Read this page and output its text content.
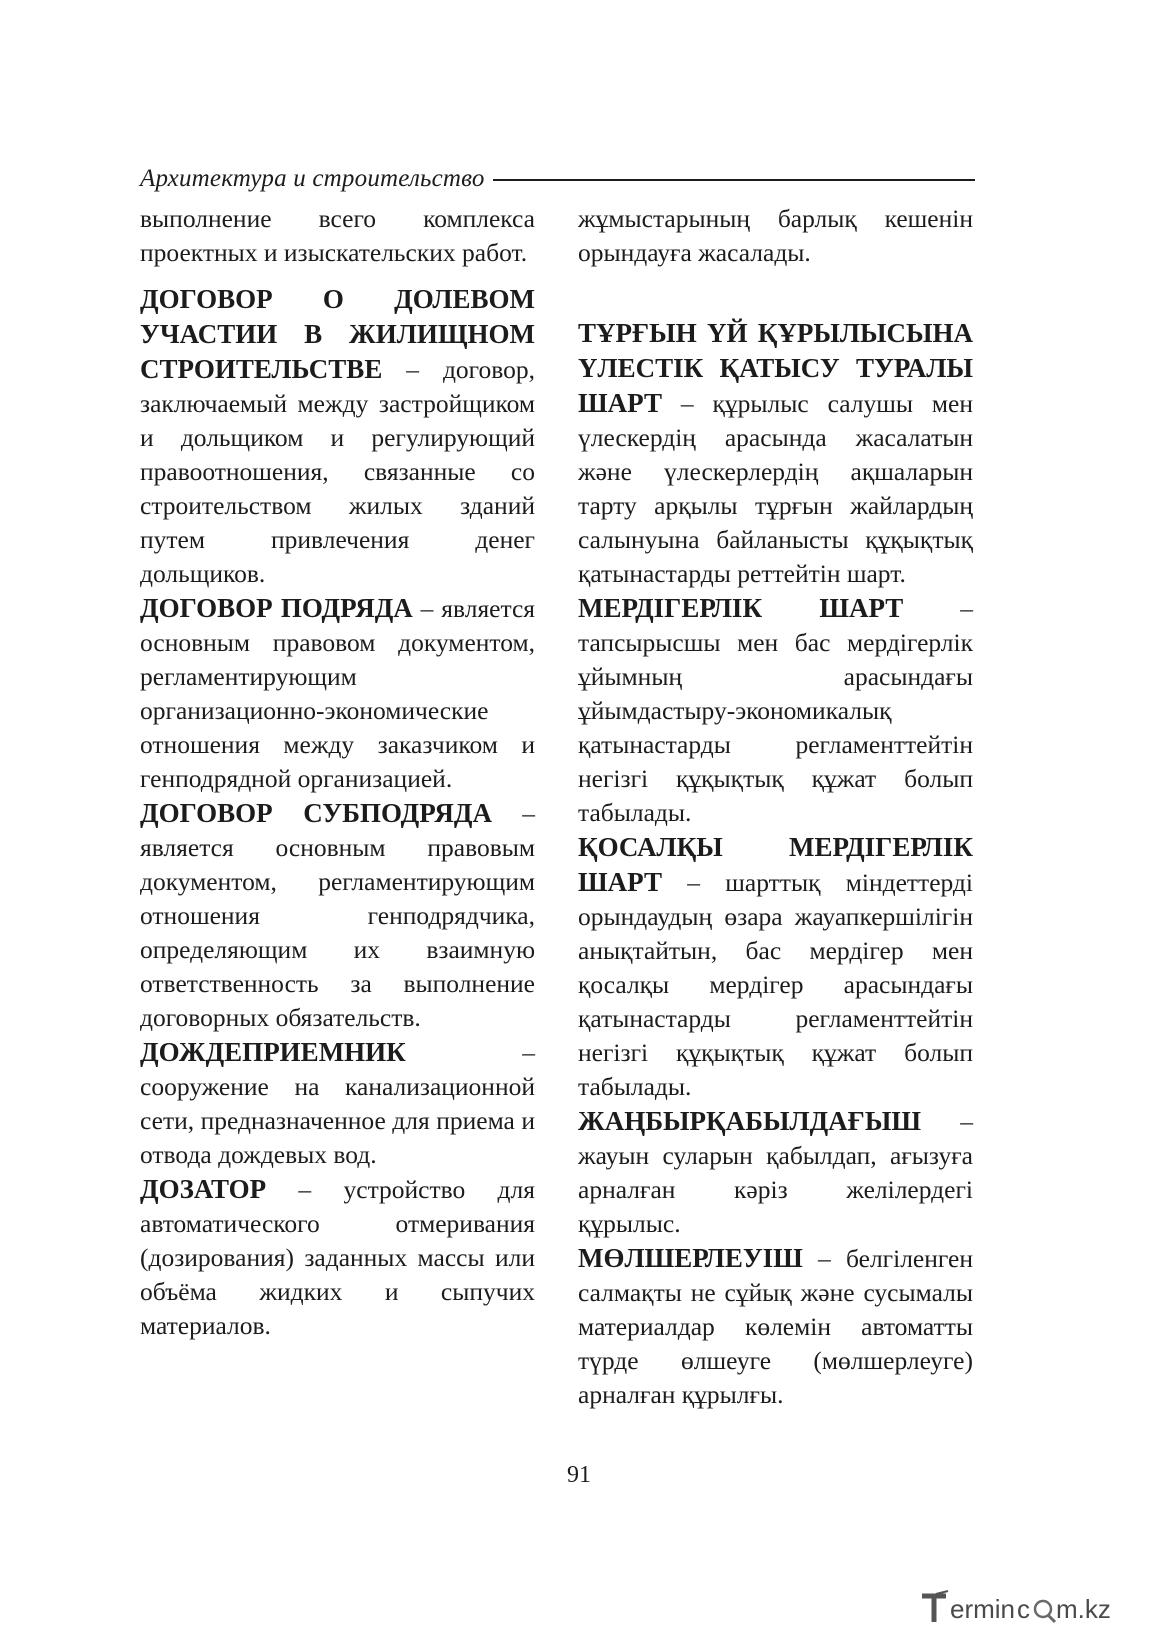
Архитектура и строительство

выполнение всего комплекса проектных и изыскательских работ.

ДОГОВОР О ДОЛЕВОМ УЧАСТИИ В ЖИЛИЩНОМ СТРОИТЕЛЬСТВЕ – договор, заключаемый между застройщиком и дольщиком и регулирующий правоотношения, связанные со строительством жилых зданий путем привлечения денег дольщиков.

ДОГОВОР ПОДРЯДА – является основным правовом документом, регламентирующим организационно-экономические отношения между заказчиком и генподрядной организацией.

ДОГОВОР СУБПОДРЯДА – является основным правовым документом, регламентирующим отношения генподрядчика, определяющим их взаимную ответственность за выполнение договорных обязательств.

ДОЖДЕПРИЕМНИК – сооружение на канализационной сети, предназначенное для приема и отвода дождевых вод.

ДОЗАТОР – устройство для автоматического отмеривания (дозирования) заданных массы или объёма жидких и сыпучих материалов.

жұмыстарының барлық кешенін орындауға жасалады.

ТҰРҒЫН ҮЙ ҚҰРЫЛЫСЫНА ҮЛЕСТІК ҚАТЫСУ ТУРАЛЫ ШАРТ – құрылыс салушы мен үлескердің арасында жасалатын және үлескерлердің ақшаларын тарту арқылы тұрғын жайлардың салынуына байланысты құқықтық қатынастарды реттейтін шарт.

МЕРДІГЕРЛІК ШАРТ – тапсырысшы мен бас мердігерлік ұйымның арасындағы ұйымдастыру-экономикалық қатынастарды регламенттейтін негізгі құқықтық құжат болып табылады.

ҚОСАЛҚЫ МЕРДІГЕРЛІК ШАРТ – шарттық міндеттерді орындаудың өзара жауапкершілігін анықтайтын, бас мердігер мен қосалқы мердігер арасындағы қатынастарды регламенттейтін негізгі құқықтық құжат болып табылады.

ЖАҢБЫРҚАБЫЛДАҒЫШ – жауын суларын қабылдап, ағызуға арналған кәріз желілердегі құрылыс.

МӨЛШЕРЛЕУІШ – белгіленген салмақты не сұйық және сусымалы материалдар көлемін автоматты түрде өлшеуге (мөлшерлеуге) арналған құрылғы.

91
ermin c m.kz
